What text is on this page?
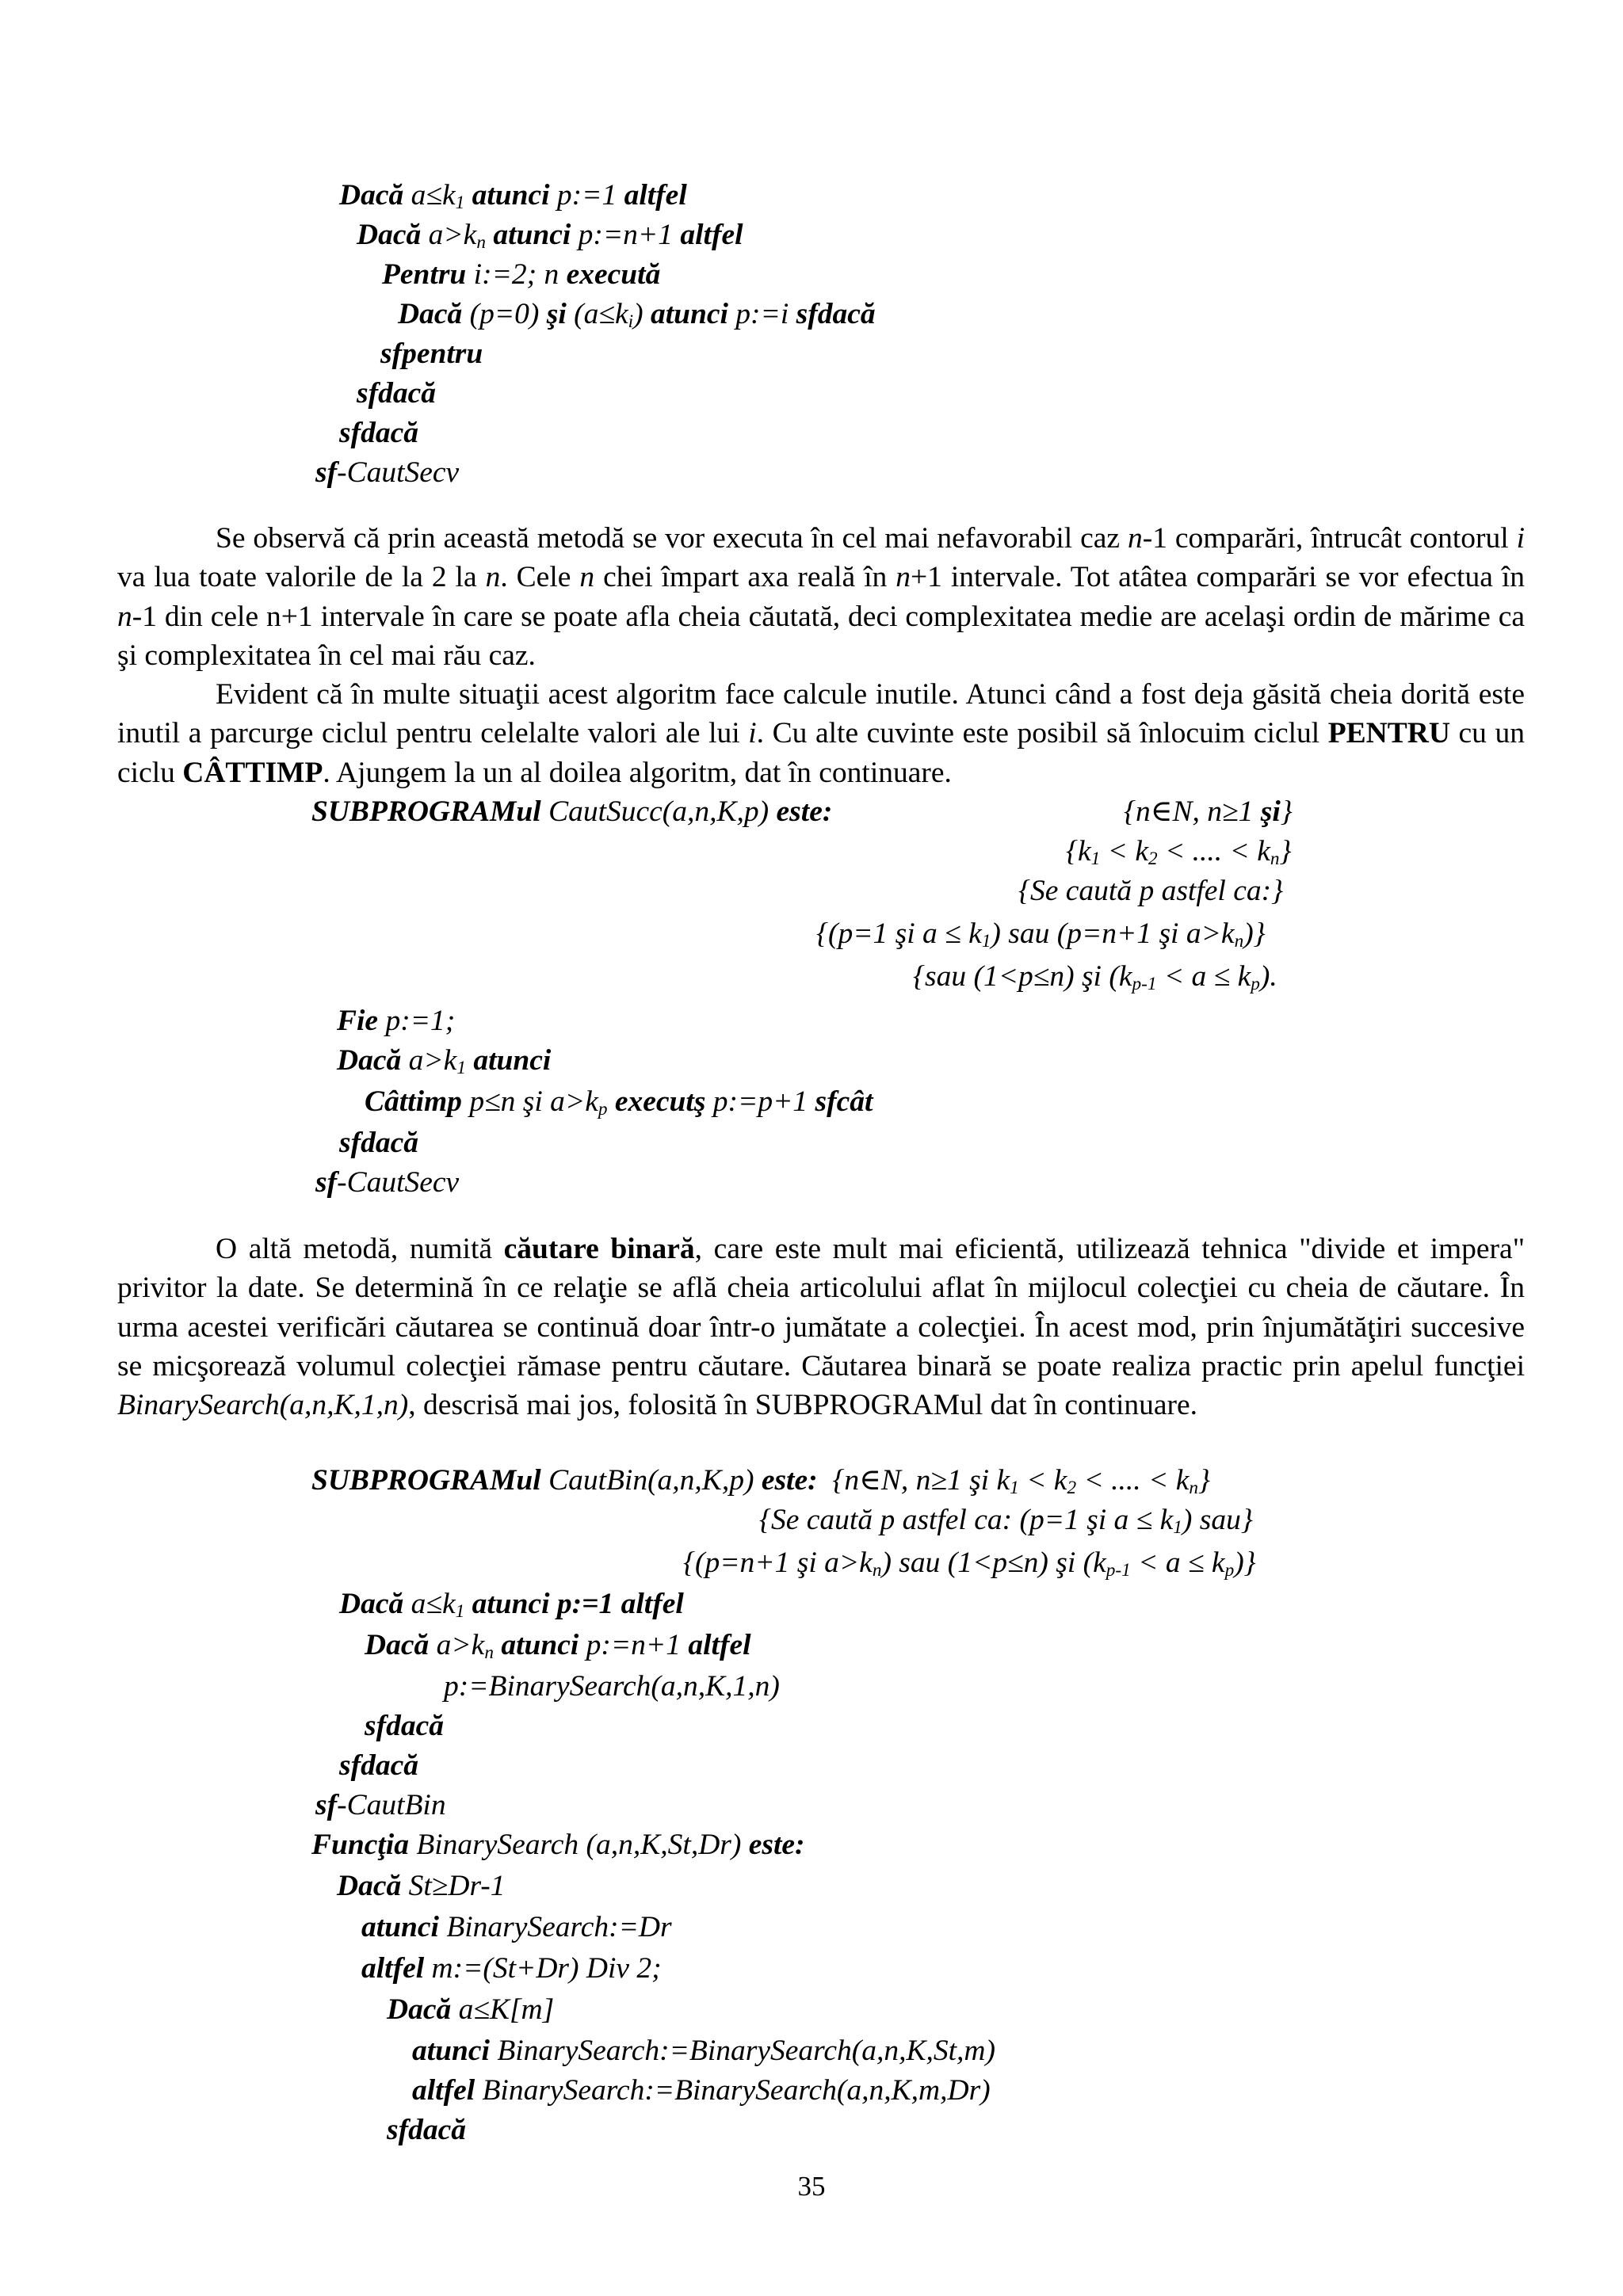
Dacă $a\le k_1$ atunci p:=1 altfel
Dacă $a>k_n$ atunci p:=n+1 altfel
Pentru i:=2; n execută
Dacă (p=0) şi $(a\le k_i)$ atunci p:=i sfdacă
sfpentru
sfdacă
sfdacă
sf-CautSecv
Se observă că prin această metodă se vor executa în cel mai nefavorabil caz n-1 comparări, întrucât contorul i va lua toate valorile de la 2 la n. Cele n chei împart axa reală în n+1 intervale. Tot atâtea comparări se vor efectua în n-1 din cele n+1 intervale în care se poate afla cheia căutată, deci complexitatea medie are acelaşi ordin de mărime ca şi complexitatea în cel mai rău caz.
Evident că în multe situaţii acest algoritm face calcule inutile. Atunci când a fost deja găsită cheia dorită este inutil a parcurge ciclul pentru celelalte valori ale lui i. Cu alte cuvinte este posibil să înlocuim ciclul PENTRU cu un ciclu CÂTTIMP. Ajungem la un al doilea algoritm, dat în continuare.
SUBPROGRAMul CautSucc(a,n,K,p) este:	{n∈N, n≥1 şi}
{$k_1 < k_2$ < .... < $k_n$}
{Se caută p astfel ca:}
{(p=1 şi $a \le k_1$) sau (p=n+1 şi $a>k_n$)}
{sau (1<p≤n) şi $(k_{p-1} < a \le k_p)$.
Fie p:=1;
Dacă $a>k_1$ atunci
Câttimp p≤n şi $a>k_p$ executş p:=p+1 sfcât
sfdacă
sf-CautSecv
O altă metodă, numită căutare binară, care este mult mai eficientă, utilizează tehnica "divide et impera" privitor la date. Se determină în ce relaţie se află cheia articolului aflat în mijlocul colecţiei cu cheia de căutare. În urma acestei verificări căutarea se continuă doar într-o jumătate a colecţiei. În acest mod, prin înjumătăţiri succesive se micşorează volumul colecţiei rămase pentru căutare. Căutarea binară se poate realiza practic prin apelul funcţiei BinarySearch(a,n,K,1,n), descrisă mai jos, folosită în SUBPROGRAMul dat în continuare.
SUBPROGRAMul CautBin(a,n,K,p) este:  {n∈N, n≥1 şi $k_1 < k_2$ < .... < $k_n$}
{Se caută p astfel ca: (p=1 şi $a \le k_1$) sau}
{(p=n+1 şi $a>k_n$) sau (1<p≤n) şi $(k_{p-1} < a \le k_p)$}
Dacă $a\le k_1$ atunci p:=1 altfel
Dacă $a>k_n$ atunci p:=n+1 altfel
p:=BinarySearch(a,n,K,1,n)
sfdacă
sfdacă
sf-CautBin
Funcţia BinarySearch (a,n,K,St,Dr) este:
Dacă St≥Dr-1
atunci BinarySearch:=Dr
altfel m:=(St+Dr) Div 2;
Dacă a≤K[m]
atunci BinarySearch:=BinarySearch(a,n,K,St,m)
altfel BinarySearch:=BinarySearch(a,n,K,m,Dr)
sfdacă
35
